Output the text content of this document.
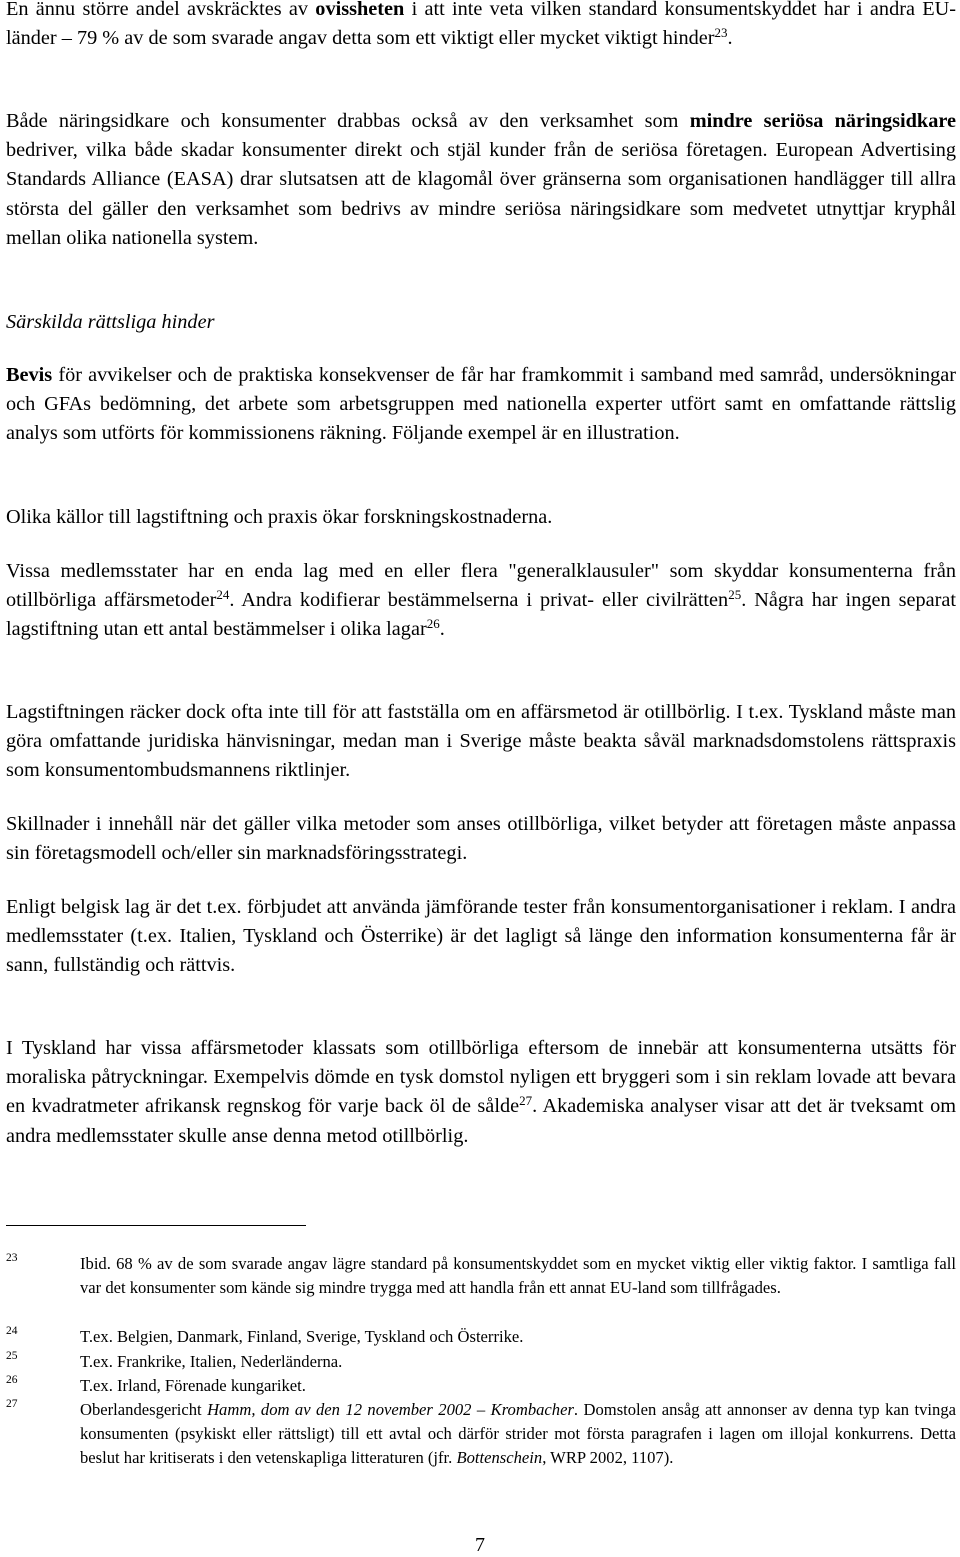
En ännu större andel avskräcktes av ovissheten i att inte veta vilken standard konsumentskyddet har i andra EU-länder – 79 % av de som svarade angav detta som ett viktigt eller mycket viktigt hinder$^{23}$.

Både näringsidkare och konsumenter drabbas också av den verksamhet som mindre seriösa näringsidkare bedriver, vilka både skadar konsumenter direkt och stjäl kunder från de seriösa företagen. European Advertising Standards Alliance (EASA) drar slutsatsen att de klagomål över gränserna som organisationen handlägger till allra största del gäller den verksamhet som bedrivs av mindre seriösa näringsidkare som medvetet utnyttjar kryphål mellan olika nationella system.

Särskilda rättsliga hinder

Bevis för avvikelser och de praktiska konsekvenser de får har framkommit i samband med samråd, undersökningar och GFAs bedömning, det arbete som arbetsgruppen med nationella experter utfört samt en omfattande rättslig analys som utförts för kommissionens räkning. Följande exempel är en illustration.

Olika källor till lagstiftning och praxis ökar forskningskostnaderna.

Vissa medlemsstater har en enda lag med en eller flera "generalklausuler" som skyddar konsumenterna från otillbörliga affärsmetoder$^{24}$. Andra kodifierar bestämmelserna i privat- eller civilrätten$^{25}$. Några har ingen separat lagstiftning utan ett antal bestämmelser i olika lagar$^{26}$.

Lagstiftningen räcker dock ofta inte till för att fastställa om en affärsmetod är otillbörlig. I t.ex. Tyskland måste man göra omfattande juridiska hänvisningar, medan man i Sverige måste beakta såväl marknadsdomstolens rättspraxis som konsumentombudsmannens riktlinjer.

Skillnader i innehåll när det gäller vilka metoder som anses otillbörliga, vilket betyder att företagen måste anpassa sin företagsmodell och/eller sin marknadsföringsstrategi.

Enligt belgisk lag är det t.ex. förbjudet att använda jämförande tester från konsumentorganisationer i reklam. I andra medlemsstater (t.ex. Italien, Tyskland och Österrike) är det lagligt så länge den information konsumenterna får är sann, fullständig och rättvis.

I Tyskland har vissa affärsmetoder klassats som otillbörliga eftersom de innebär att konsumenterna utsätts för moraliska påtryckningar. Exempelvis dömde en tysk domstol nyligen ett bryggeri som i sin reklam lovade att bevara en kvadratmeter afrikansk regnskog för varje back öl de sålde$^{27}$. Akademiska analyser visar att det är tveksamt om andra medlemsstater skulle anse denna metod otillbörlig.

23	Ibid. 68 % av de som svarade angav lägre standard på konsumentskyddet som en mycket viktig eller viktig faktor. I samtliga fall var det konsumenter som kände sig mindre trygga med att handla från ett annat EU-land som tillfrågades.
24	T.ex. Belgien, Danmark, Finland, Sverige, Tyskland och Österrike.
25	T.ex. Frankrike, Italien, Nederländerna.
26	T.ex. Irland, Förenade kungariket.
27	Oberlandesgericht Hamm, dom av den 12 november 2002 – Krombacher. Domstolen ansåg att annonser av denna typ kan tvinga konsumenten (psykiskt eller rättsligt) till ett avtal och därför strider mot första paragrafen i lagen om illojal konkurrens. Detta beslut har kritiserats i den vetenskapliga litteraturen (jfr. Bottenschein, WRP 2002, 1107).
7
